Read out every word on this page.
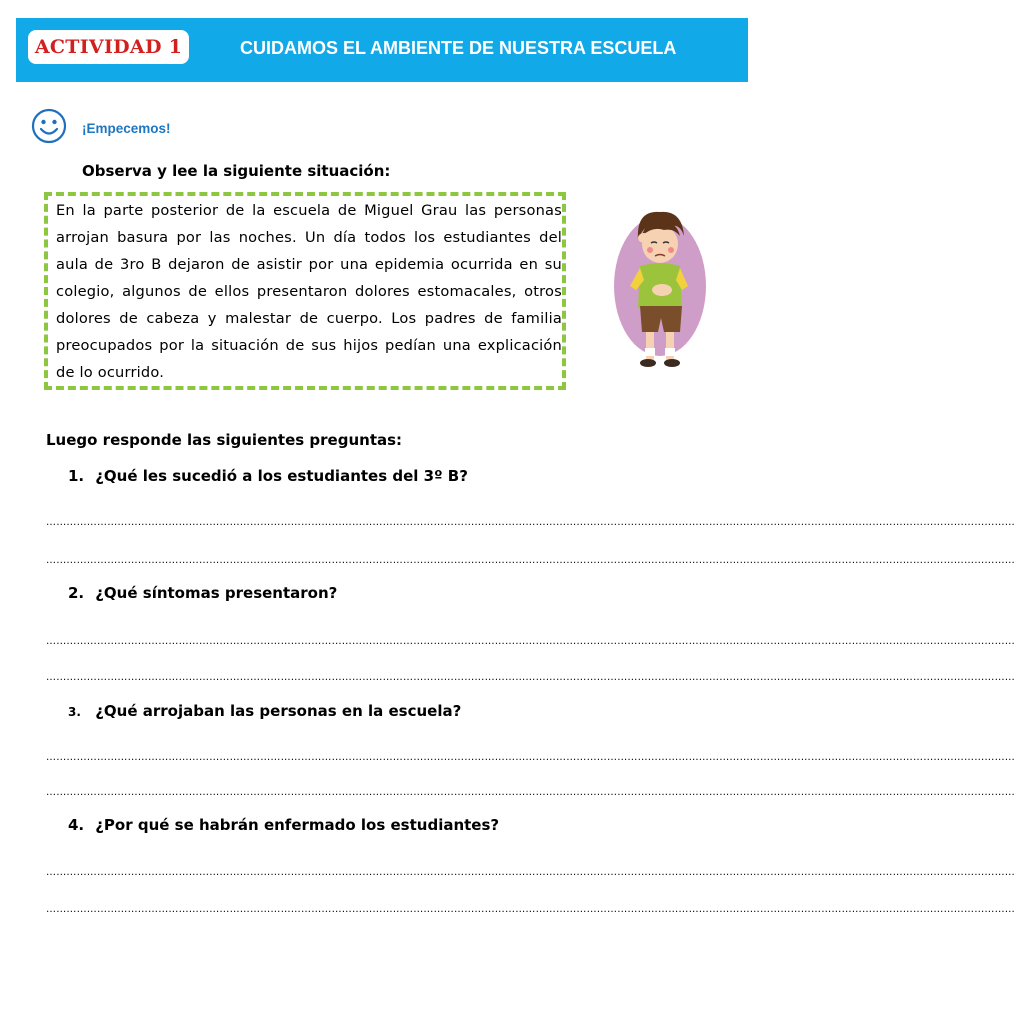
ACTIVIDAD 1	CUIDAMOS EL AMBIENTE DE NUESTRA ESCUELA
¡Empecemos!
Observa y lee la siguiente situación:
En la parte posterior de la escuela de Miguel Grau las personas arrojan basura por las noches. Un día todos los estudiantes del aula de 3ro B dejaron de asistir por una epidemia ocurrida en su colegio, algunos de ellos presentaron dolores estomacales, otros dolores de cabeza y malestar de cuerpo. Los padres de familia preocupados por la situación de sus hijos pedían una explicación de lo ocurrido.
Luego responde las siguientes preguntas:
1. ¿Qué les sucedió a los estudiantes del 3º B?
……………………………………………………………………………………………………………………………………………………………………………………………………………………………………………………………
……………………………………………………………………………………………………………………………………………………………………………………………………………………………………………………………
2. ¿Qué síntomas presentaron?
……………………………………………………………………………………………………………………………………………………………………………………………………………………………………………………………
……………………………………………………………………………………………………………………………………………………………………………………………………………………………………………………………
3. ¿Qué arrojaban las personas en la escuela?
……………………………………………………………………………………………………………………………………………………………………………………………………………………………………………………………
……………………………………………………………………………………………………………………………………………………………………………………………………………………………………………………………
4. ¿Por qué se habrán enfermado los estudiantes?
……………………………………………………………………………………………………………………………………………………………………………………………………………………………………………………………
……………………………………………………………………………………………………………………………………………………………………………………………………………………………………………………………
